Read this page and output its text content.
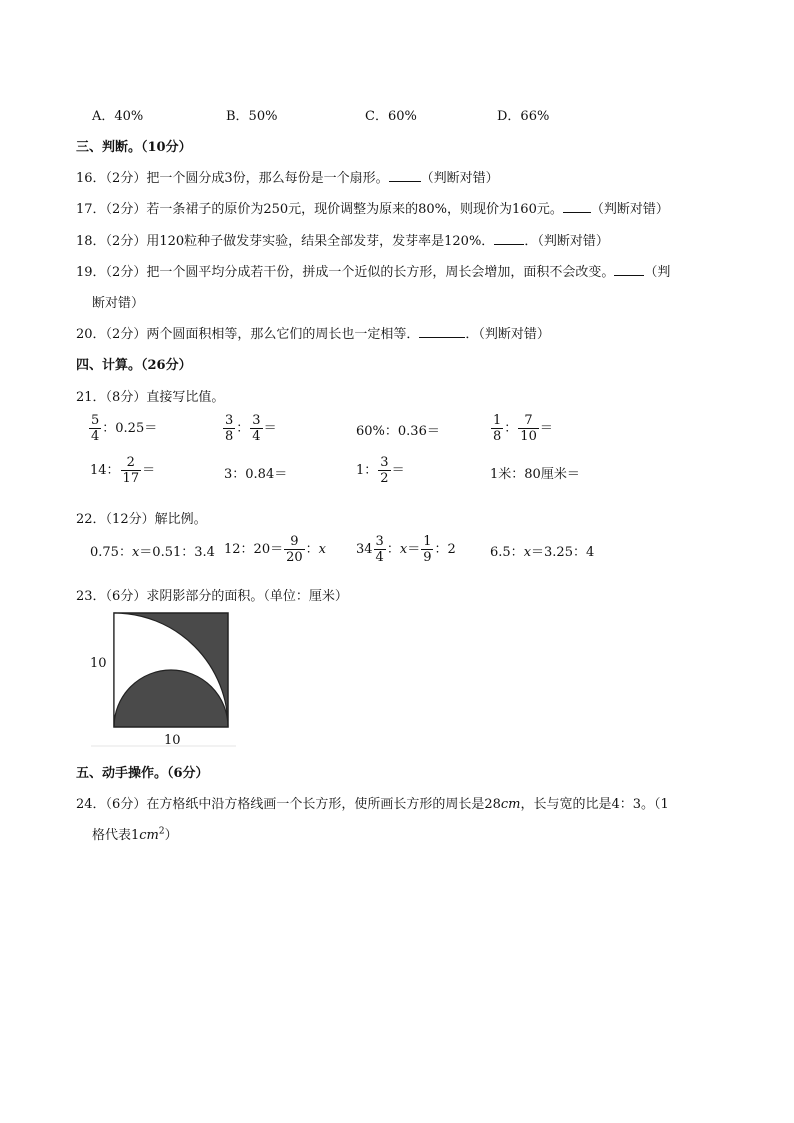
A．40%	B．50%	C．60%	D．66%
三、判断。（10分）
16．（2分）把一个圆分成3份，那么每份是一个扇形。 （判断对错）
17．（2分）若一条裙子的原价为250元，现价调整为原来的80%，则现价为160元。 （判断对错）
18．（2分）用120粒种子做发芽实验，结果全部发芽，发芽率是120%． ．（判断对错）
19．（2分）把一个圆平均分成若干份，拼成一个近似的长方形，周长会增加，面积不会改变。 （判
断对错）
20．（2分）两个圆面积相等，那么它们的周长也一定相等．	．（判断对错）
四、计算。（26分）
21．（8分）直接写比值。
$\frac{5}{4}$ ：0.25＝	$\frac{3}{8}$ ： $\frac{3}{4}$ ＝	60%：0.36＝	$\frac{1}{8}$ ： $\frac{7}{10}$ ＝
14： $\frac{2}{17}$ ＝	3：0.84＝	1： $\frac{3}{2}$ ＝	1米：80厘米＝
22．（12分）解比例。
0.75：x＝0.51：3.4 12：$20= \frac{9}{20}$ ：x $34 \frac{3}{4}$ ：$x= \frac{1}{9}$ ：2	6.5：x＝3.25：4
23．（6分）求阴影部分的面积。（单位：厘米）
10
10
五、动手操作。（6分）
24．（6分）在方格纸中沿方格线画一个长方形，使所画长方形的周长是28cm，长与宽的比是4：3。（1
格代表$1cm^2$）
